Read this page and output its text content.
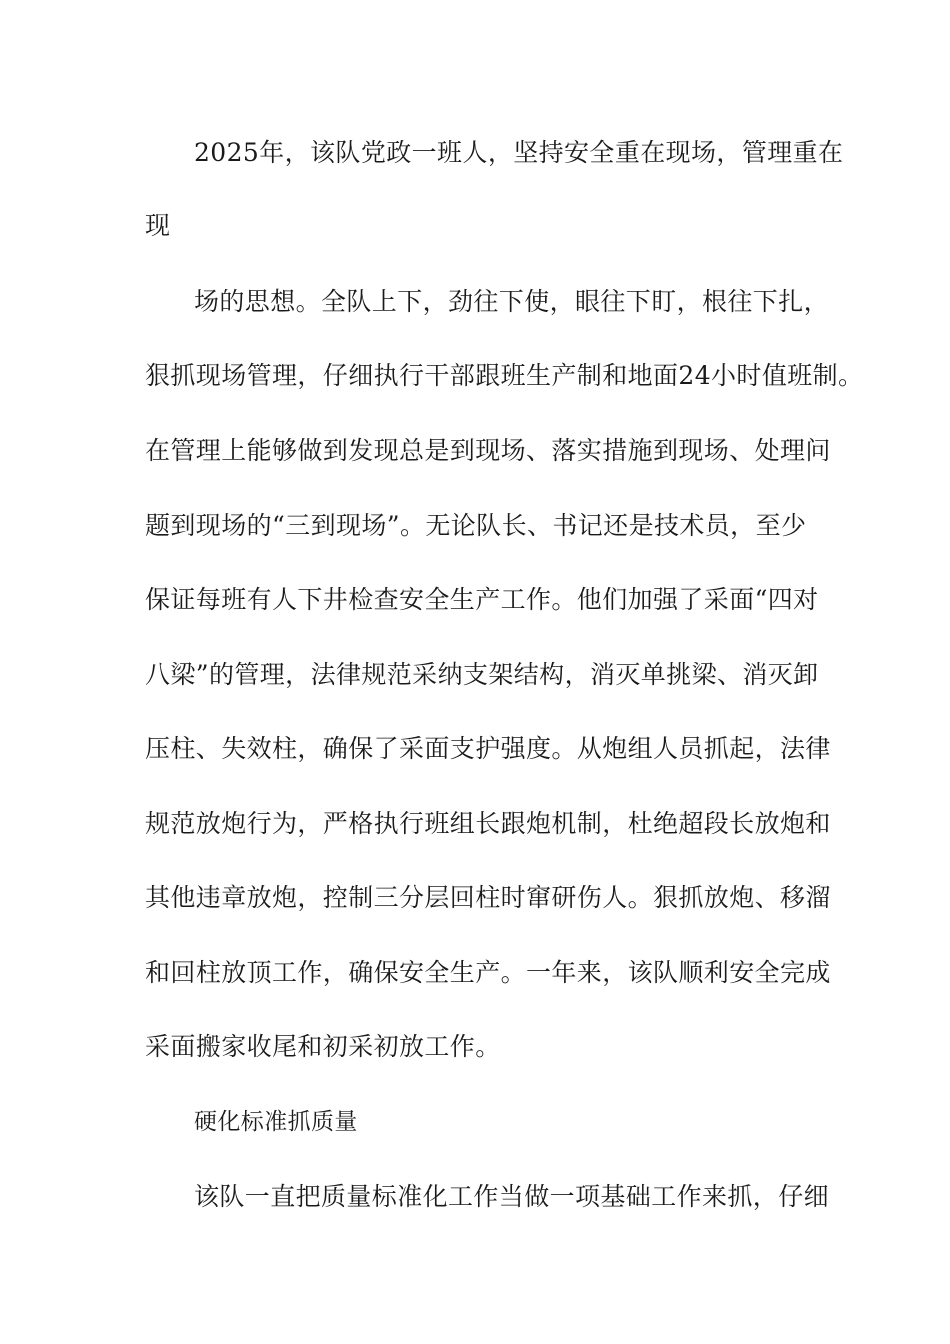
2025年，该队党政一班人，坚持安全重在现场，管理重在
现
场的思想。全队上下，劲往下使，眼往下盯，根往下扎，
狠抓现场管理，仔细执行干部跟班生产制和地面24小时值班制。
在管理上能够做到发现总是到现场、落实措施到现场、处理问
题到现场的“三到现场”。无论队长、书记还是技术员，至少
保证每班有人下井检查安全生产工作。他们加强了采面“四对
八梁”的管理，法律规范采纳支架结构，消灭单挑梁、消灭卸
压柱、失效柱，确保了采面支护强度。从炮组人员抓起，法律
规范放炮行为，严格执行班组长跟炮机制，杜绝超段长放炮和
其他违章放炮，控制三分层回柱时窜研伤人。狠抓放炮、移溜
和回柱放顶工作，确保安全生产。一年来，该队顺利安全完成
采面搬家收尾和初采初放工作。
硬化标准抓质量
该队一直把质量标准化工作当做一项基础工作来抓，仔细
